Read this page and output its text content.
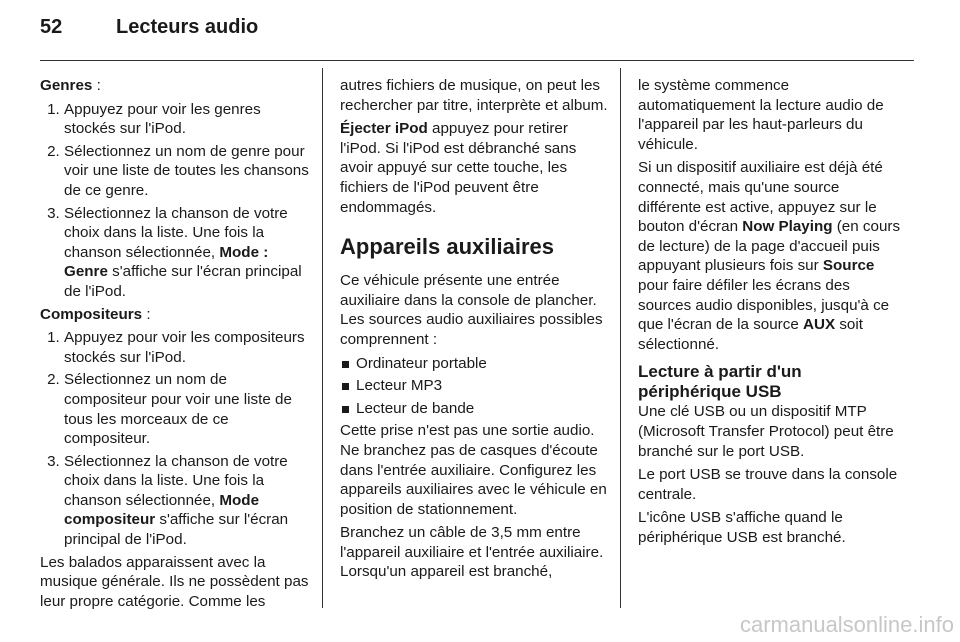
52	Lecteurs audio

Genres :

1. Appuyez pour voir les genres stockés sur l'iPod.
2. Sélectionnez un nom de genre pour voir une liste de toutes les chansons de ce genre.
3. Sélectionnez la chanson de votre choix dans la liste. Une fois la chanson sélectionnée, Mode : Genre s'affiche sur l'écran principal de l'iPod.

Compositeurs :

1. Appuyez pour voir les compositeurs stockés sur l'iPod.
2. Sélectionnez un nom de compositeur pour voir une liste de tous les morceaux de ce compositeur.
3. Sélectionnez la chanson de votre choix dans la liste. Une fois la chanson sélectionnée, Mode compositeur s'affiche sur l'écran principal de l'iPod.

Les balados apparaissent avec la musique générale. Ils ne possèdent pas leur propre catégorie. Comme les

autres fichiers de musique, on peut les rechercher par titre, interprète et album.

Éjecter iPod appuyez pour retirer l'iPod. Si l'iPod est débranché sans avoir appuyé sur cette touche, les fichiers de l'iPod peuvent être endommagés.

Appareils auxiliaires

Ce véhicule présente une entrée auxiliaire dans la console de plancher. Les sources audio auxiliaires possibles comprennent :

Ordinateur portable
Lecteur MP3
Lecteur de bande

Cette prise n'est pas une sortie audio. Ne branchez pas de casques d'écoute dans l'entrée auxiliaire. Configurez les appareils auxiliaires avec le véhicule en position de stationnement.

Branchez un câble de 3,5 mm entre l'appareil auxiliaire et l'entrée auxiliaire. Lorsqu'un appareil est branché,

le système commence automatiquement la lecture audio de l'appareil par les haut-parleurs du véhicule.

Si un dispositif auxiliaire est déjà été connecté, mais qu'une source différente est active, appuyez sur le bouton d'écran Now Playing (en cours de lecture) de la page d'accueil puis appuyant plusieurs fois sur Source pour faire défiler les écrans des sources audio disponibles, jusqu'à ce que l'écran de la source AUX soit sélectionné.

Lecture à partir d'un périphérique USB

Une clé USB ou un dispositif MTP (Microsoft Transfer Protocol) peut être branché sur le port USB.

Le port USB se trouve dans la console centrale.

L'icône USB s'affiche quand le périphérique USB est branché.

carmanualsonline.info
